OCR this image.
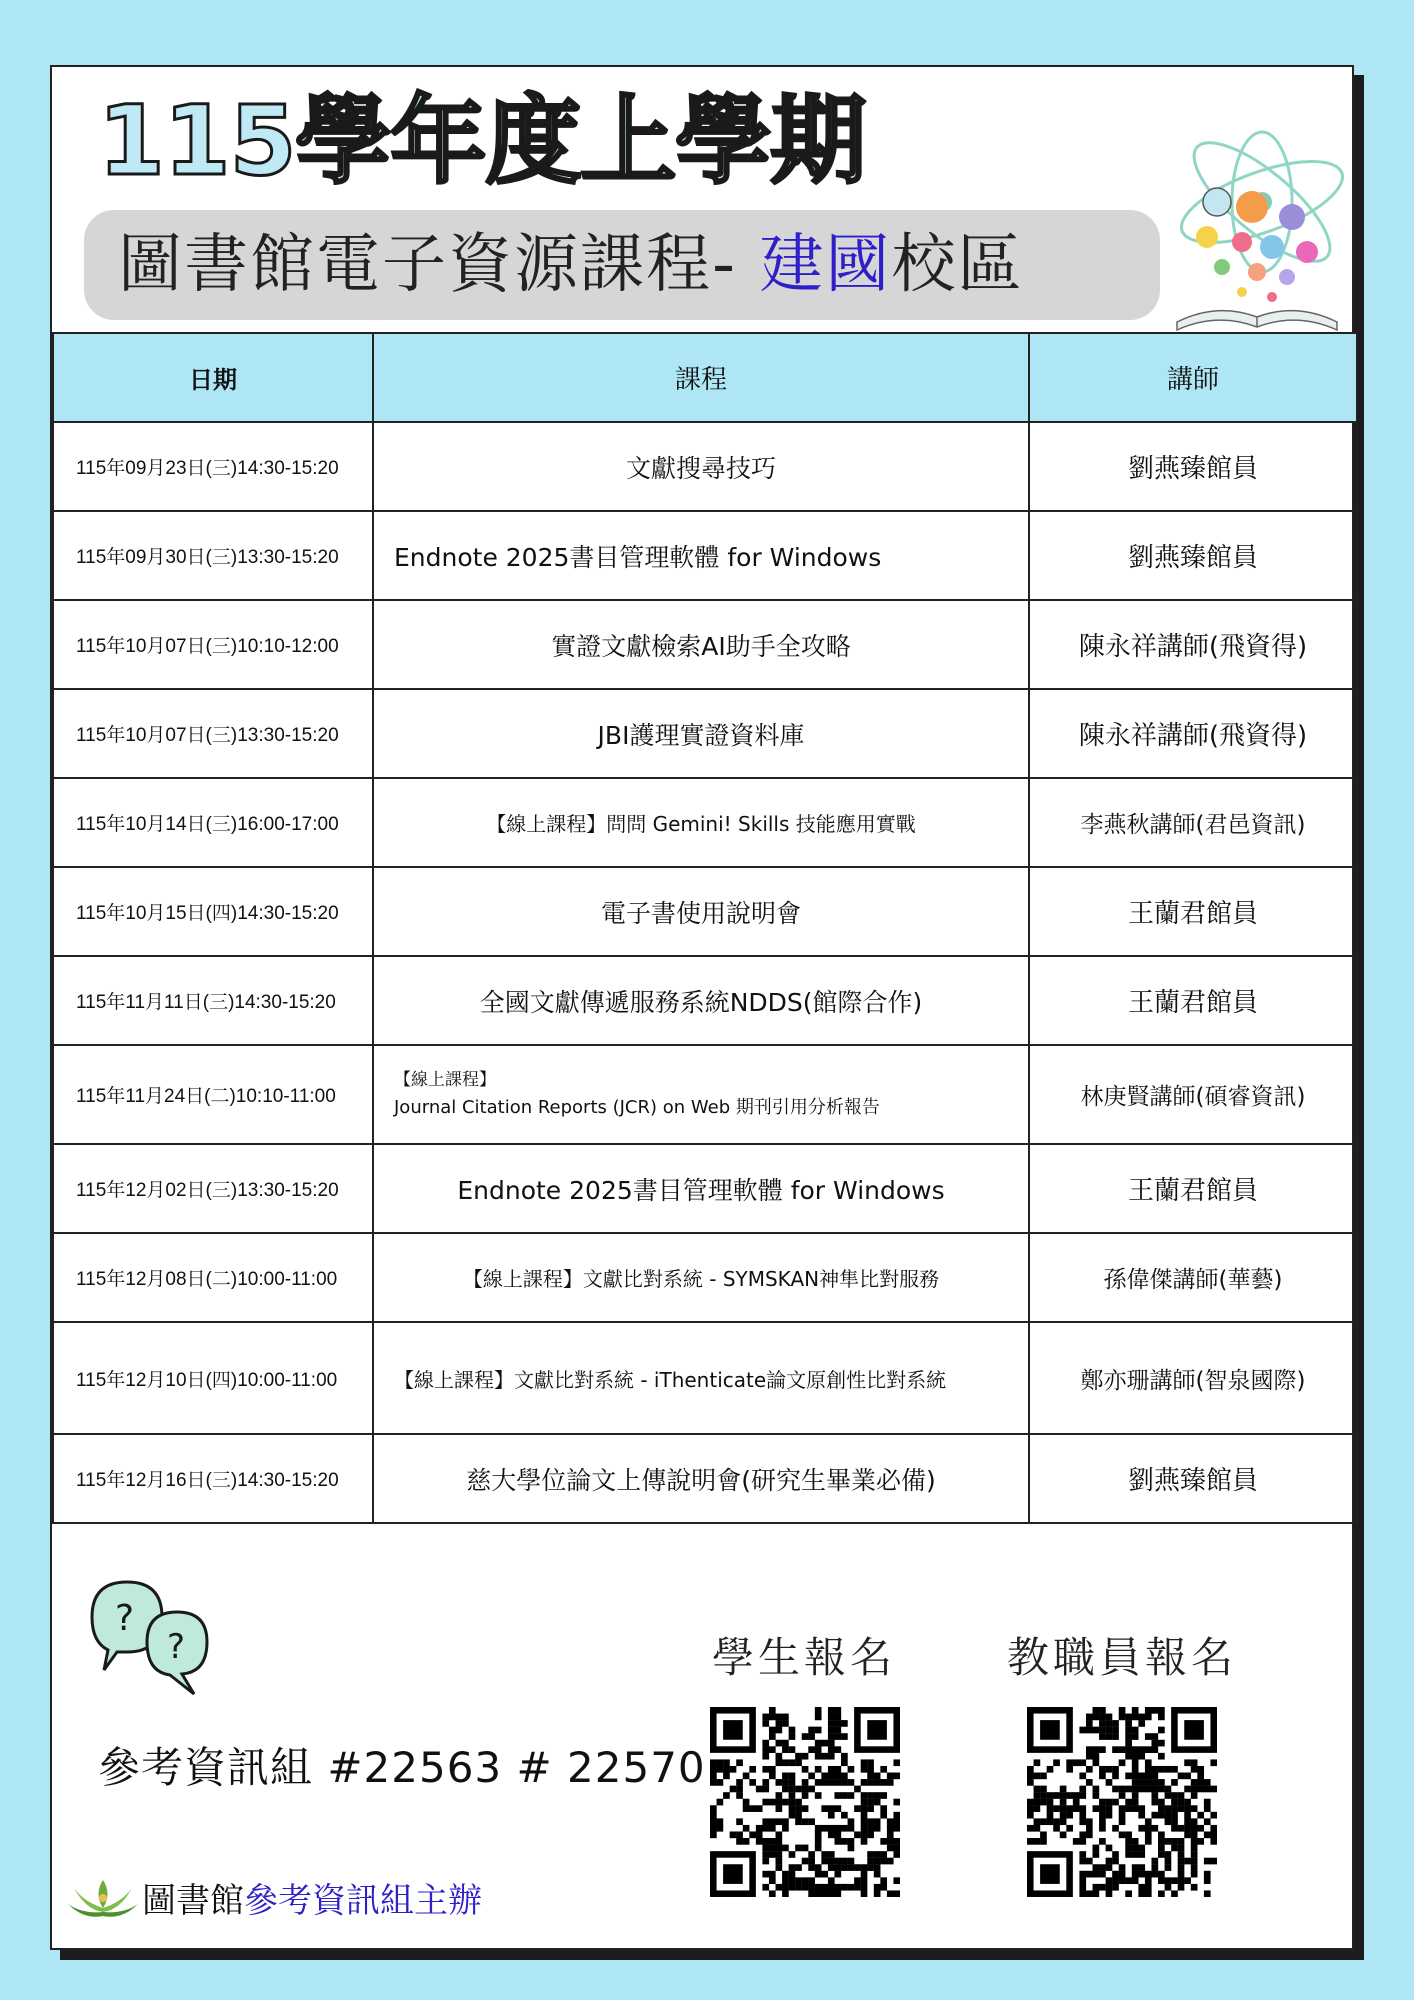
115學年度上學期
圖書館電子資源課程- 建國 校區
日期	課程	講師
115年09月23日(三)14:30-15:20	文獻搜尋技巧	劉燕臻館員
115年09月30日(三)13:30-15:20	Endnote 2025書目管理軟體 for Windows	劉燕臻館員
115年10月07日(三)10:10-12:00	實證文獻檢索AI助手全攻略	陳永祥講師(飛資得)
115年10月07日(三)13:30-15:20	JBI護理實證資料庫	陳永祥講師(飛資得)
115年10月14日(三)16:00-17:00	【線上課程】問問 Gemini! Skills 技能應用實戰	李燕秋講師(君邑資訊)
115年10月15日(四)14:30-15:20	電子書使用說明會	王蘭君館員
115年11月11日(三)14:30-15:20	全國文獻傳遞服務系統NDDS(館際合作)	王蘭君館員
115年11月24日(二)10:10-11:00	【線上課程】
Journal Citation Reports (JCR) on Web 期刊引用分析報告	林庚賢講師(碩睿資訊)
115年12月02日(三)13:30-15:20	Endnote 2025書目管理軟體 for Windows	王蘭君館員
115年12月08日(二)10:00-11:00	【線上課程】文獻比對系統 - SYMSKAN神隼比對服務	孫偉傑講師(華藝)
115年12月10日(四)10:00-11:00	【線上課程】文獻比對系統 - iThenticate論文原創性比對系統	鄭亦珊講師(智泉國際)
115年12月16日(三)14:30-15:20	慈大學位論文上傳說明會(研究生畢業必備)	劉燕臻館員
?
?
參考資訊組 #22563 # 22570
學生報名	教職員報名
圖書館 參考資訊組主辦
